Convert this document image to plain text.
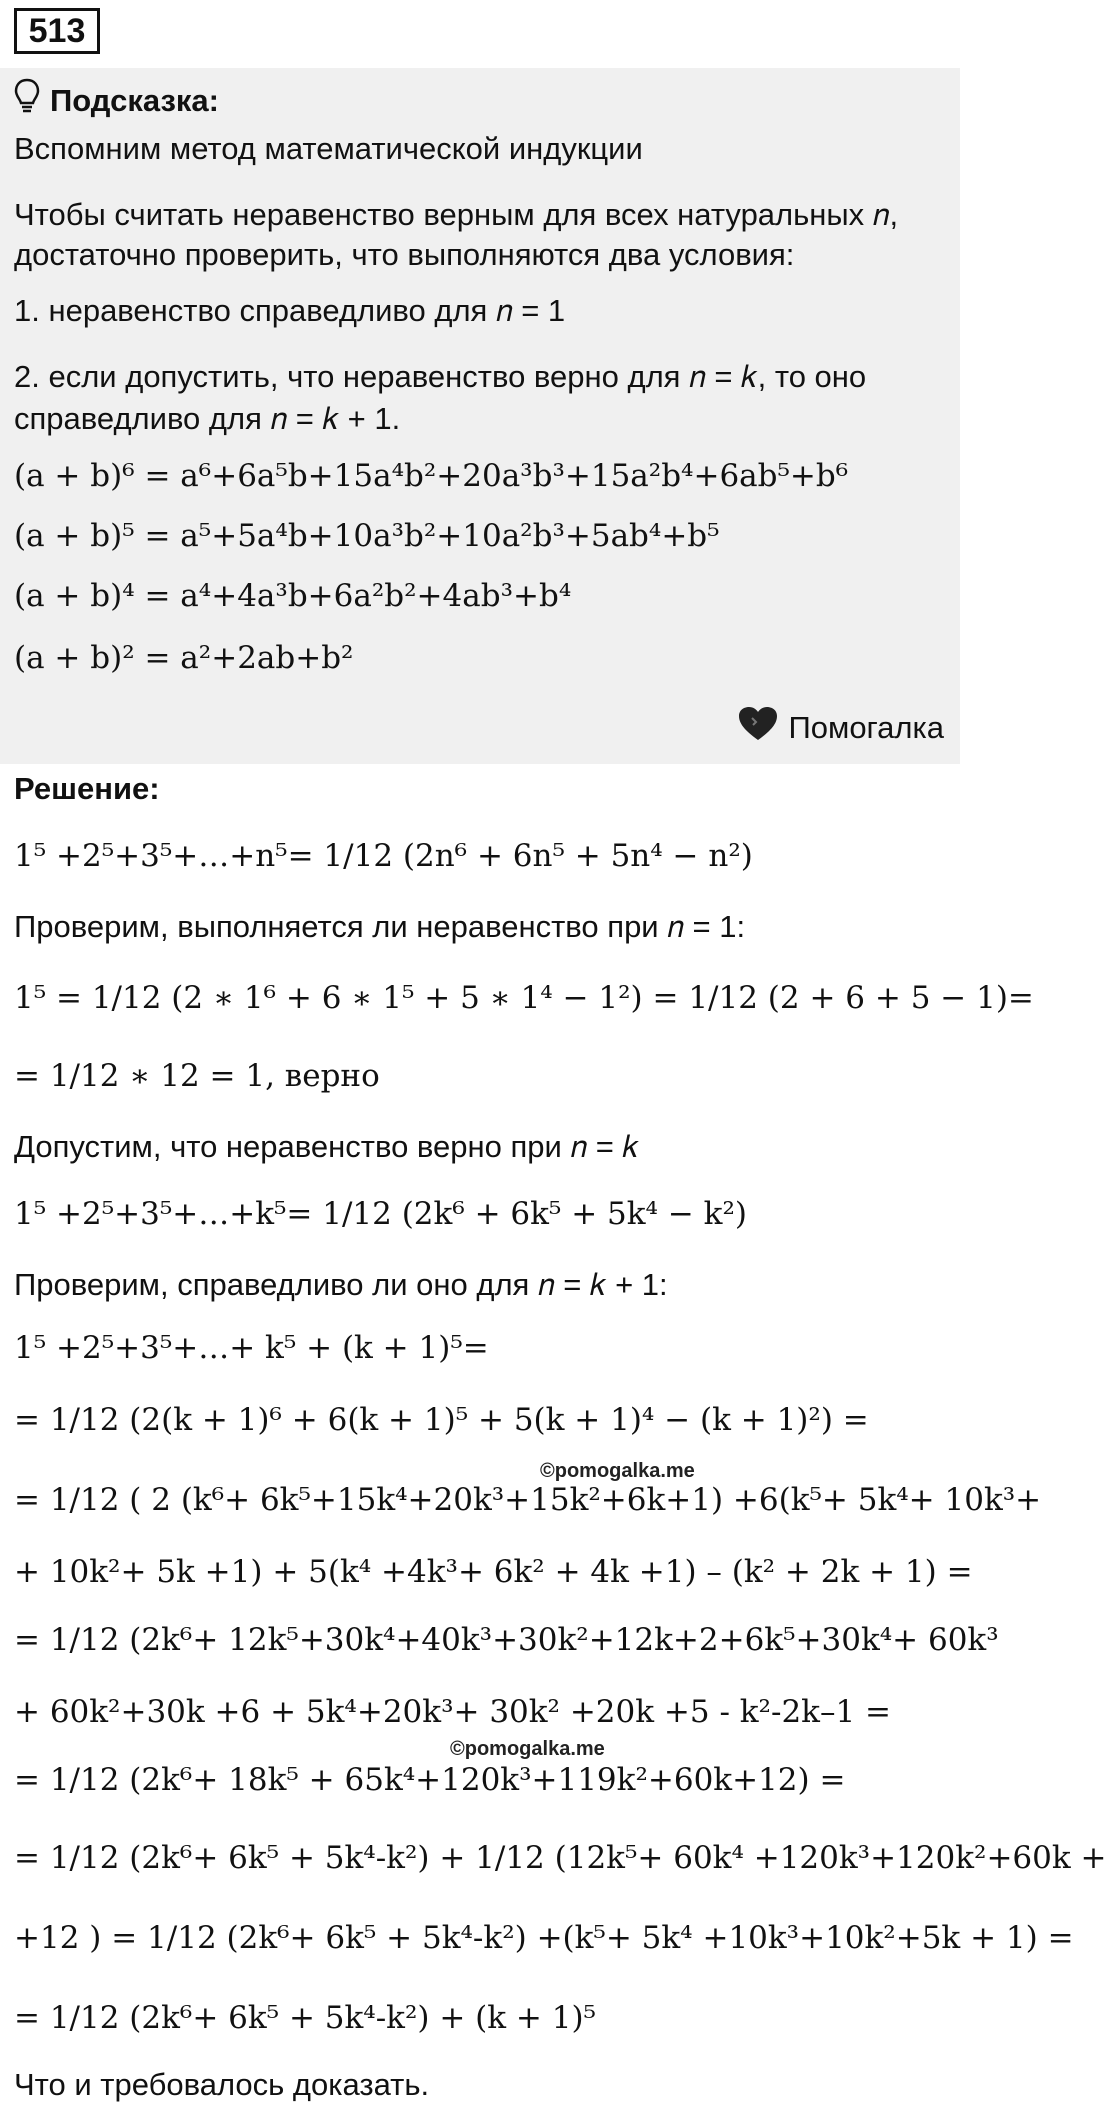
513
Подсказка:
Вспомним метод математической индукции
Чтобы считать неравенство верным для всех натуральных 𝑛,
достаточно проверить, что выполняются два условия:
1. неравенство справедливо для 𝑛 = 1
2. если допустить, что неравенство верно для 𝑛 = 𝑘, то оно
справедливо для 𝑛 = 𝑘 + 1.
(a + b)⁶ = a⁶+6a⁵b+15a⁴b²+20a³b³+15a²b⁴+6ab⁵+b⁶
(a + b)⁵ = a⁵+5a⁴b+10a³b²+10a²b³+5ab⁴+b⁵
(a + b)⁴ = a⁴+4a³b+6a²b²+4ab³+b⁴
(a + b)² = a²+2ab+b²
Помогалка
Решение:
1⁵ +2⁵+3⁵+…+n⁵= 1/12 (2n⁶ + 6n⁵ + 5n⁴ − n²)
Проверим, выполняется ли неравенство при 𝑛 = 1:
1⁵ = 1/12 (2 ∗ 1⁶ + 6 ∗ 1⁵ + 5 ∗ 1⁴ − 1²) = 1/12 (2 + 6 + 5 − 1)=
= 1/12 ∗ 12 = 1, верно
Допустим, что неравенство верно при 𝑛 = 𝑘
1⁵ +2⁵+3⁵+…+k⁵= 1/12 (2k⁶ + 6k⁵ + 5k⁴ − k²)
Проверим, справедливо ли оно для 𝑛 = 𝑘 + 1:
1⁵ +2⁵+3⁵+…+ k⁵ + (k + 1)⁵=
= 1/12 (2(k + 1)⁶ + 6(k + 1)⁵ + 5(k + 1)⁴ − (k + 1)²) =
©pomogalka.me
= 1/12 ( 2 (k⁶+ 6k⁵+15k⁴+20k³+15k²+6k+1) +6(k⁵+ 5k⁴+ 10k³+
+ 10k²+ 5k +1) + 5(k⁴ +4k³+ 6k² + 4k +1) – (k² + 2k + 1) =
= 1/12 (2k⁶+ 12k⁵+30k⁴+40k³+30k²+12k+2+6k⁵+30k⁴+ 60k³
+ 60k²+30k +6 + 5k⁴+20k³+ 30k² +20k +5 - k²-2k–1 =
©pomogalka.me
= 1/12 (2k⁶+ 18k⁵ + 65k⁴+120k³+119k²+60k+12) =
= 1/12 (2k⁶+ 6k⁵ + 5k⁴-k²) + 1/12 (12k⁵+ 60k⁴ +120k³+120k²+60k +
+12 ) = 1/12 (2k⁶+ 6k⁵ + 5k⁴-k²) +(k⁵+ 5k⁴ +10k³+10k²+5k + 1) =
= 1/12 (2k⁶+ 6k⁵ + 5k⁴-k²) + (k + 1)⁵
Что и требовалось доказать.
